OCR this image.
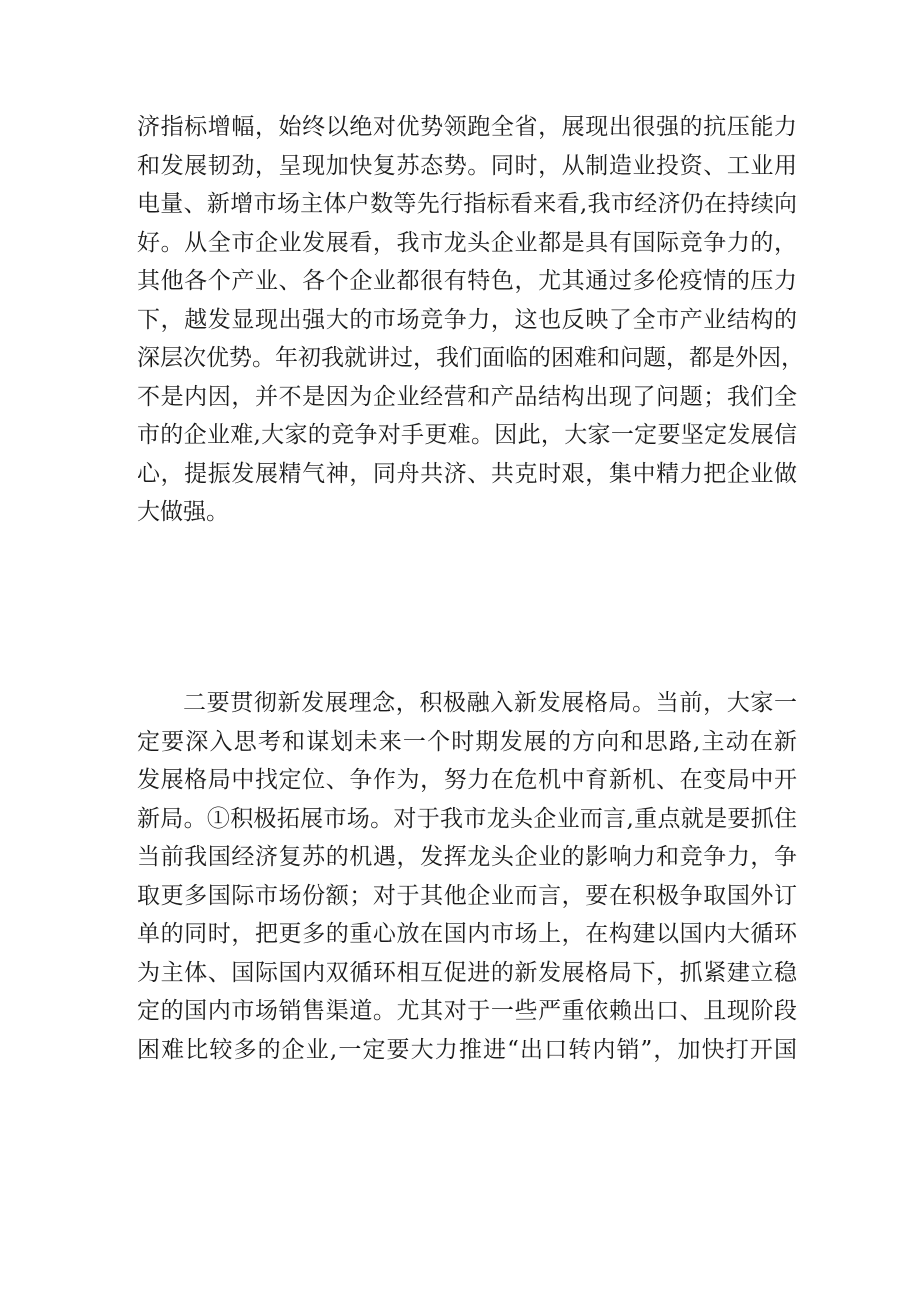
济指标增幅，始终以绝对优势领跑全省，展现出很强的抗压能力
和发展韧劲，呈现加快复苏态势。同时，从制造业投资、工业用
电量、新增市场主体户数等先行指标看来看,我市经济仍在持续向
好。从全市企业发展看，我市龙头企业都是具有国际竞争力的，
其他各个产业、各个企业都很有特色，尤其通过多伦疫情的压力
下，越发显现出强大的市场竞争力，这也反映了全市产业结构的
深层次优势。年初我就讲过，我们面临的困难和问题，都是外因，
不是内因，并不是因为企业经营和产品结构出现了问题；我们全
市的企业难,大家的竞争对手更难。因此，大家一定要坚定发展信
心，提振发展精气神，同舟共济、共克时艰，集中精力把企业做
大做强。
二要贯彻新发展理念，积极融入新发展格局。当前，大家一
定要深入思考和谋划未来一个时期发展的方向和思路,主动在新
发展格局中找定位、争作为，努力在危机中育新机、在变局中开
新局。①积极拓展市场。对于我市龙头企业而言,重点就是要抓住
当前我国经济复苏的机遇，发挥龙头企业的影响力和竞争力，争
取更多国际市场份额；对于其他企业而言，要在积极争取国外订
单的同时，把更多的重心放在国内市场上，在构建以国内大循环
为主体、国际国内双循环相互促进的新发展格局下，抓紧建立稳
定的国内市场销售渠道。尤其对于一些严重依赖出口、且现阶段
困难比较多的企业,一定要大力推进“出口转内销”，加快打开国
